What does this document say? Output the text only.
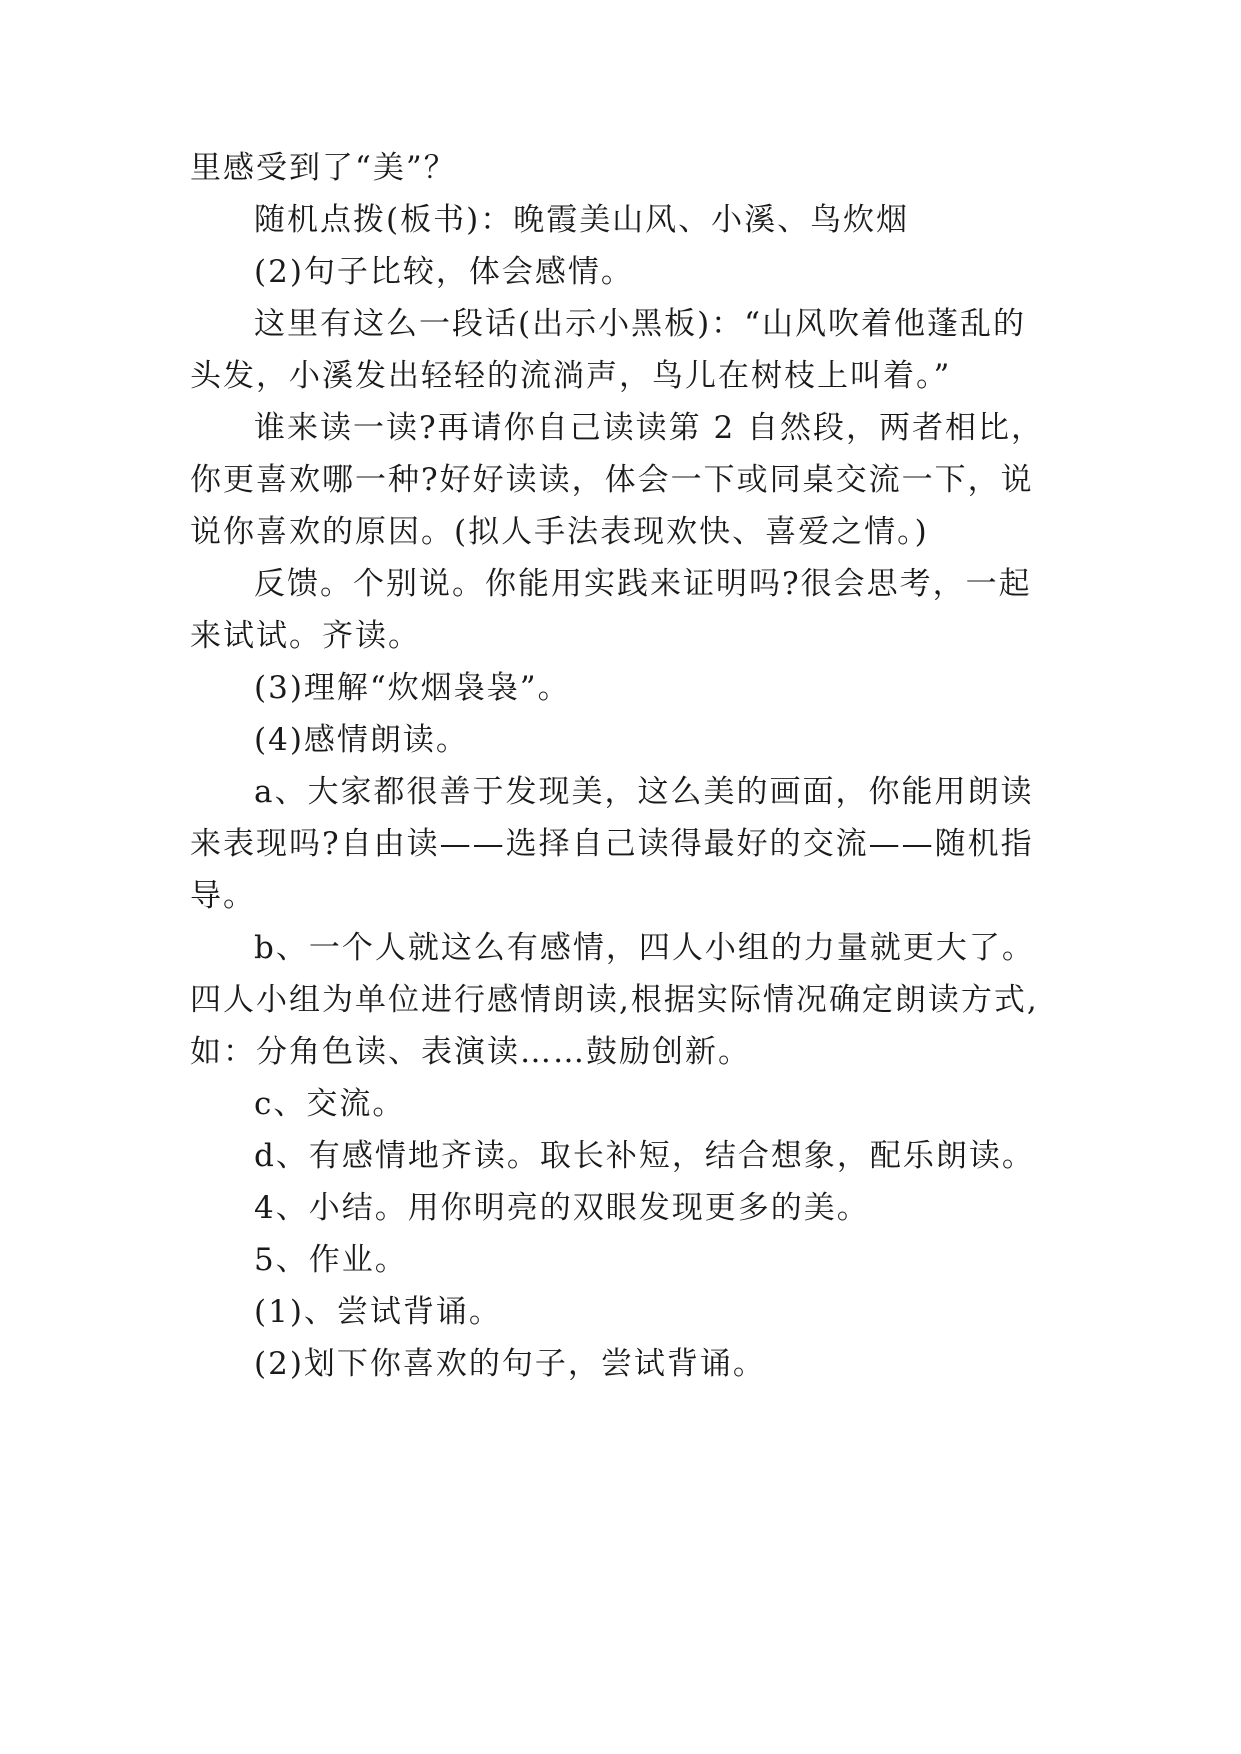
里感受到了“美”？
随机点拨(板书)：晚霞美山风、小溪、鸟炊烟
(2)句子比较，体会感情。
这里有这么一段话(出示小黑板)：“山风吹着他蓬乱的
头发，小溪发出轻轻的流淌声，鸟儿在树枝上叫着。”
谁来读一读?再请你自己读读第 2 自然段，两者相比，
你更喜欢哪一种?好好读读，体会一下或同桌交流一下，说
说你喜欢的原因。(拟人手法表现欢快、喜爱之情。)
反馈。个别说。你能用实践来证明吗?很会思考，一起
来试试。齐读。
(3)理解“炊烟袅袅”。
(4)感情朗读。
a、大家都很善于发现美，这么美的画面，你能用朗读
来表现吗?自由读——选择自己读得最好的交流——随机指
导。
b、一个人就这么有感情，四人小组的力量就更大了。
四人小组为单位进行感情朗读,根据实际情况确定朗读方式,
如：分角色读、表演读……鼓励创新。
c、交流。
d、有感情地齐读。取长补短，结合想象，配乐朗读。
4、小结。用你明亮的双眼发现更多的美。
5、作业。
(1)、尝试背诵。
(2)划下你喜欢的句子，尝试背诵。
